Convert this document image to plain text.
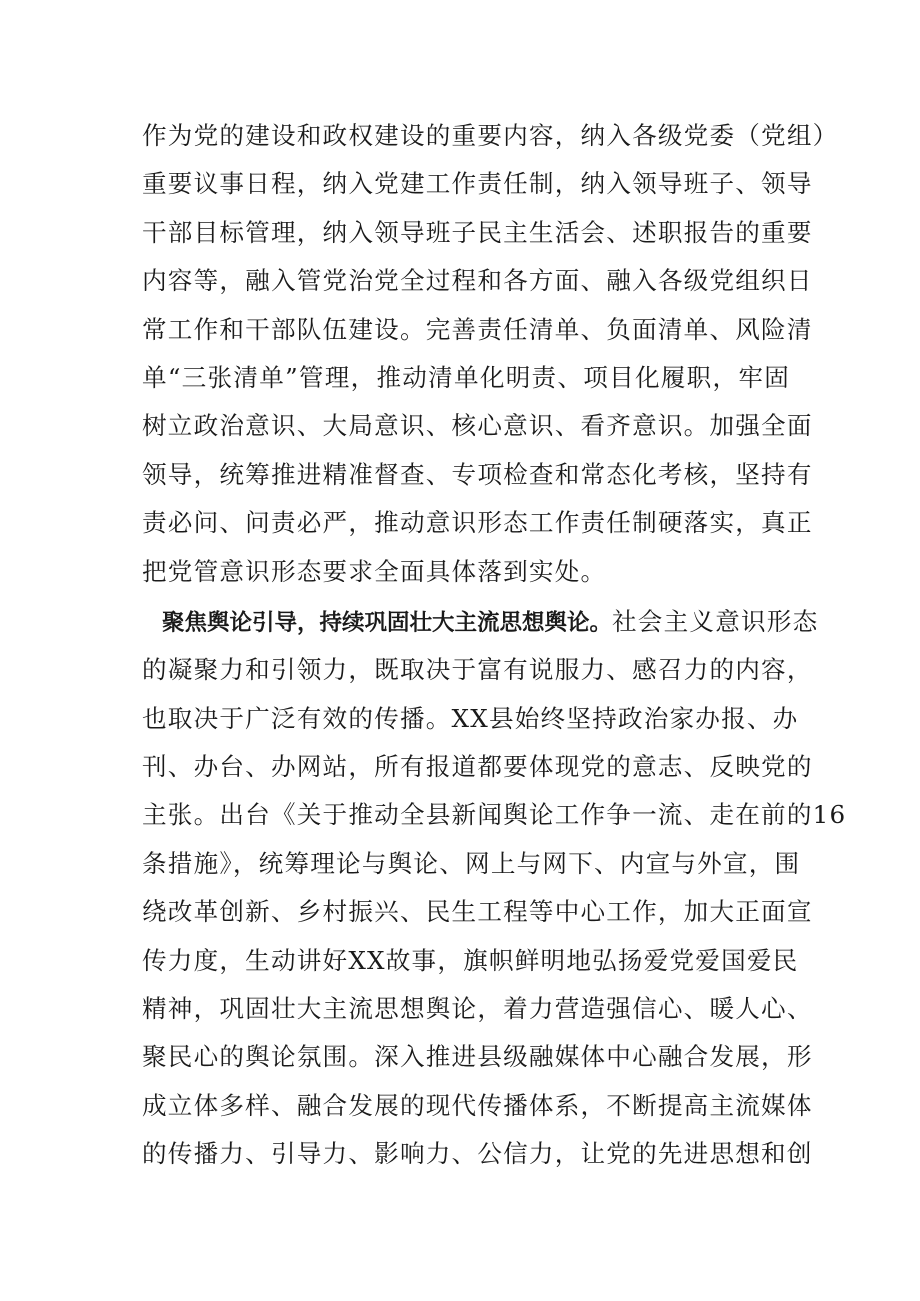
作为党的建设和政权建设的重要内容，纳入各级党委（党组）
重要议事日程，纳入党建工作责任制，纳入领导班子、领导
干部目标管理，纳入领导班子民主生活会、述职报告的重要
内容等，融入管党治党全过程和各方面、融入各级党组织日
常工作和干部队伍建设。完善责任清单、负面清单、风险清
单“三张清单”管理，推动清单化明责、项目化履职，牢固
树立政治意识、大局意识、核心意识、看齐意识。加强全面
领导，统筹推进精准督查、专项检查和常态化考核，坚持有
责必问、问责必严，推动意识形态工作责任制硬落实，真正
把党管意识形态要求全面具体落到实处。
聚焦舆论引导，持续巩固壮大主流思想舆论。社会主义意识形态
的凝聚力和引领力，既取决于富有说服力、感召力的内容，
也取决于广泛有效的传播。XX县始终坚持政治家办报、办
刊、办台、办网站，所有报道都要体现党的意志、反映党的
主张。出台《关于推动全县新闻舆论工作争一流、走在前的16
条措施》，统筹理论与舆论、网上与网下、内宣与外宣，围
绕改革创新、乡村振兴、民生工程等中心工作，加大正面宣
传力度，生动讲好XX故事，旗帜鲜明地弘扬爱党爱国爱民
精神，巩固壮大主流思想舆论，着力营造强信心、暖人心、
聚民心的舆论氛围。深入推进县级融媒体中心融合发展，形
成立体多样、融合发展的现代传播体系，不断提高主流媒体
的传播力、引导力、影响力、公信力，让党的先进思想和创
